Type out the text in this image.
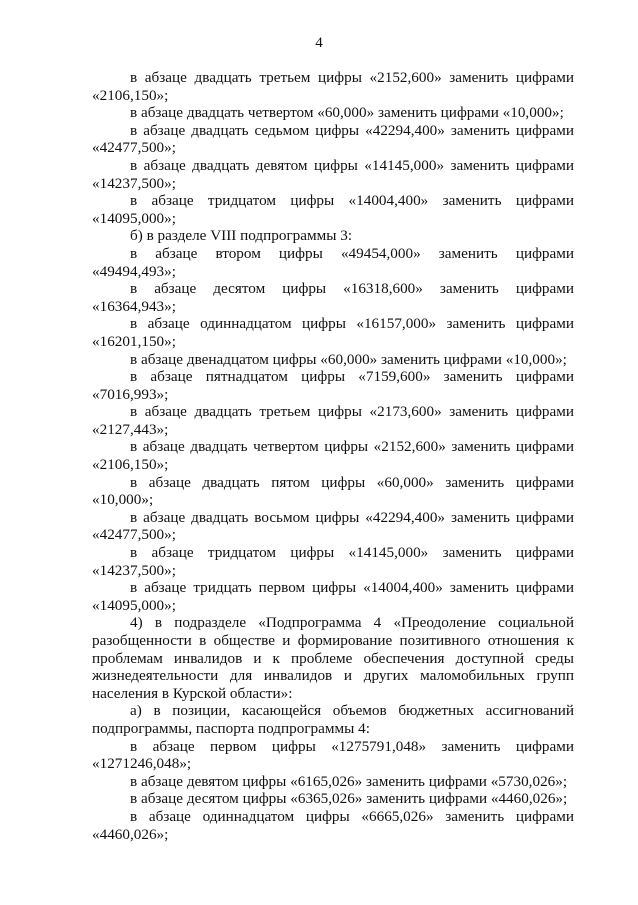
4

в абзаце двадцать третьем цифры «2152,600» заменить цифрами «2106,150»;

в абзаце двадцать четвертом «60,000» заменить цифрами «10,000»;

в абзаце двадцать седьмом цифры «42294,400» заменить цифрами «42477,500»;

в абзаце двадцать девятом цифры «14145,000» заменить цифрами «14237,500»;

в абзаце тридцатом цифры «14004,400» заменить цифрами «14095,000»;

б) в разделе VIII подпрограммы 3:

в абзаце втором цифры «49454,000» заменить цифрами «49494,493»;

в абзаце десятом цифры «16318,600» заменить цифрами «16364,943»;

в абзаце одиннадцатом цифры «16157,000» заменить цифрами «16201,150»;

в абзаце двенадцатом цифры «60,000» заменить цифрами «10,000»;

в абзаце пятнадцатом цифры «7159,600» заменить цифрами «7016,993»;

в абзаце двадцать третьем цифры «2173,600» заменить цифрами «2127,443»;

в абзаце двадцать четвертом цифры «2152,600» заменить цифрами «2106,150»;

в абзаце двадцать пятом цифры «60,000» заменить цифрами «10,000»;

в абзаце двадцать восьмом цифры «42294,400» заменить цифрами «42477,500»;

в абзаце тридцатом цифры «14145,000» заменить цифрами «14237,500»;

в абзаце тридцать первом цифры «14004,400» заменить цифрами «14095,000»;

4) в подразделе «Подпрограмма 4 «Преодоление социальной разобщенности в обществе и формирование позитивного отношения к проблемам инвалидов и к проблеме обеспечения доступной среды жизнедеятельности для инвалидов и других маломобильных групп населения в Курской области»:

а) в позиции, касающейся объемов бюджетных ассигнований подпрограммы, паспорта подпрограммы 4:

в абзаце первом цифры «1275791,048» заменить цифрами «1271246,048»;

в абзаце девятом цифры «6165,026» заменить цифрами «5730,026»;

в абзаце десятом цифры «6365,026» заменить цифрами «4460,026»;

в абзаце одиннадцатом цифры «6665,026» заменить цифрами «4460,026»;
